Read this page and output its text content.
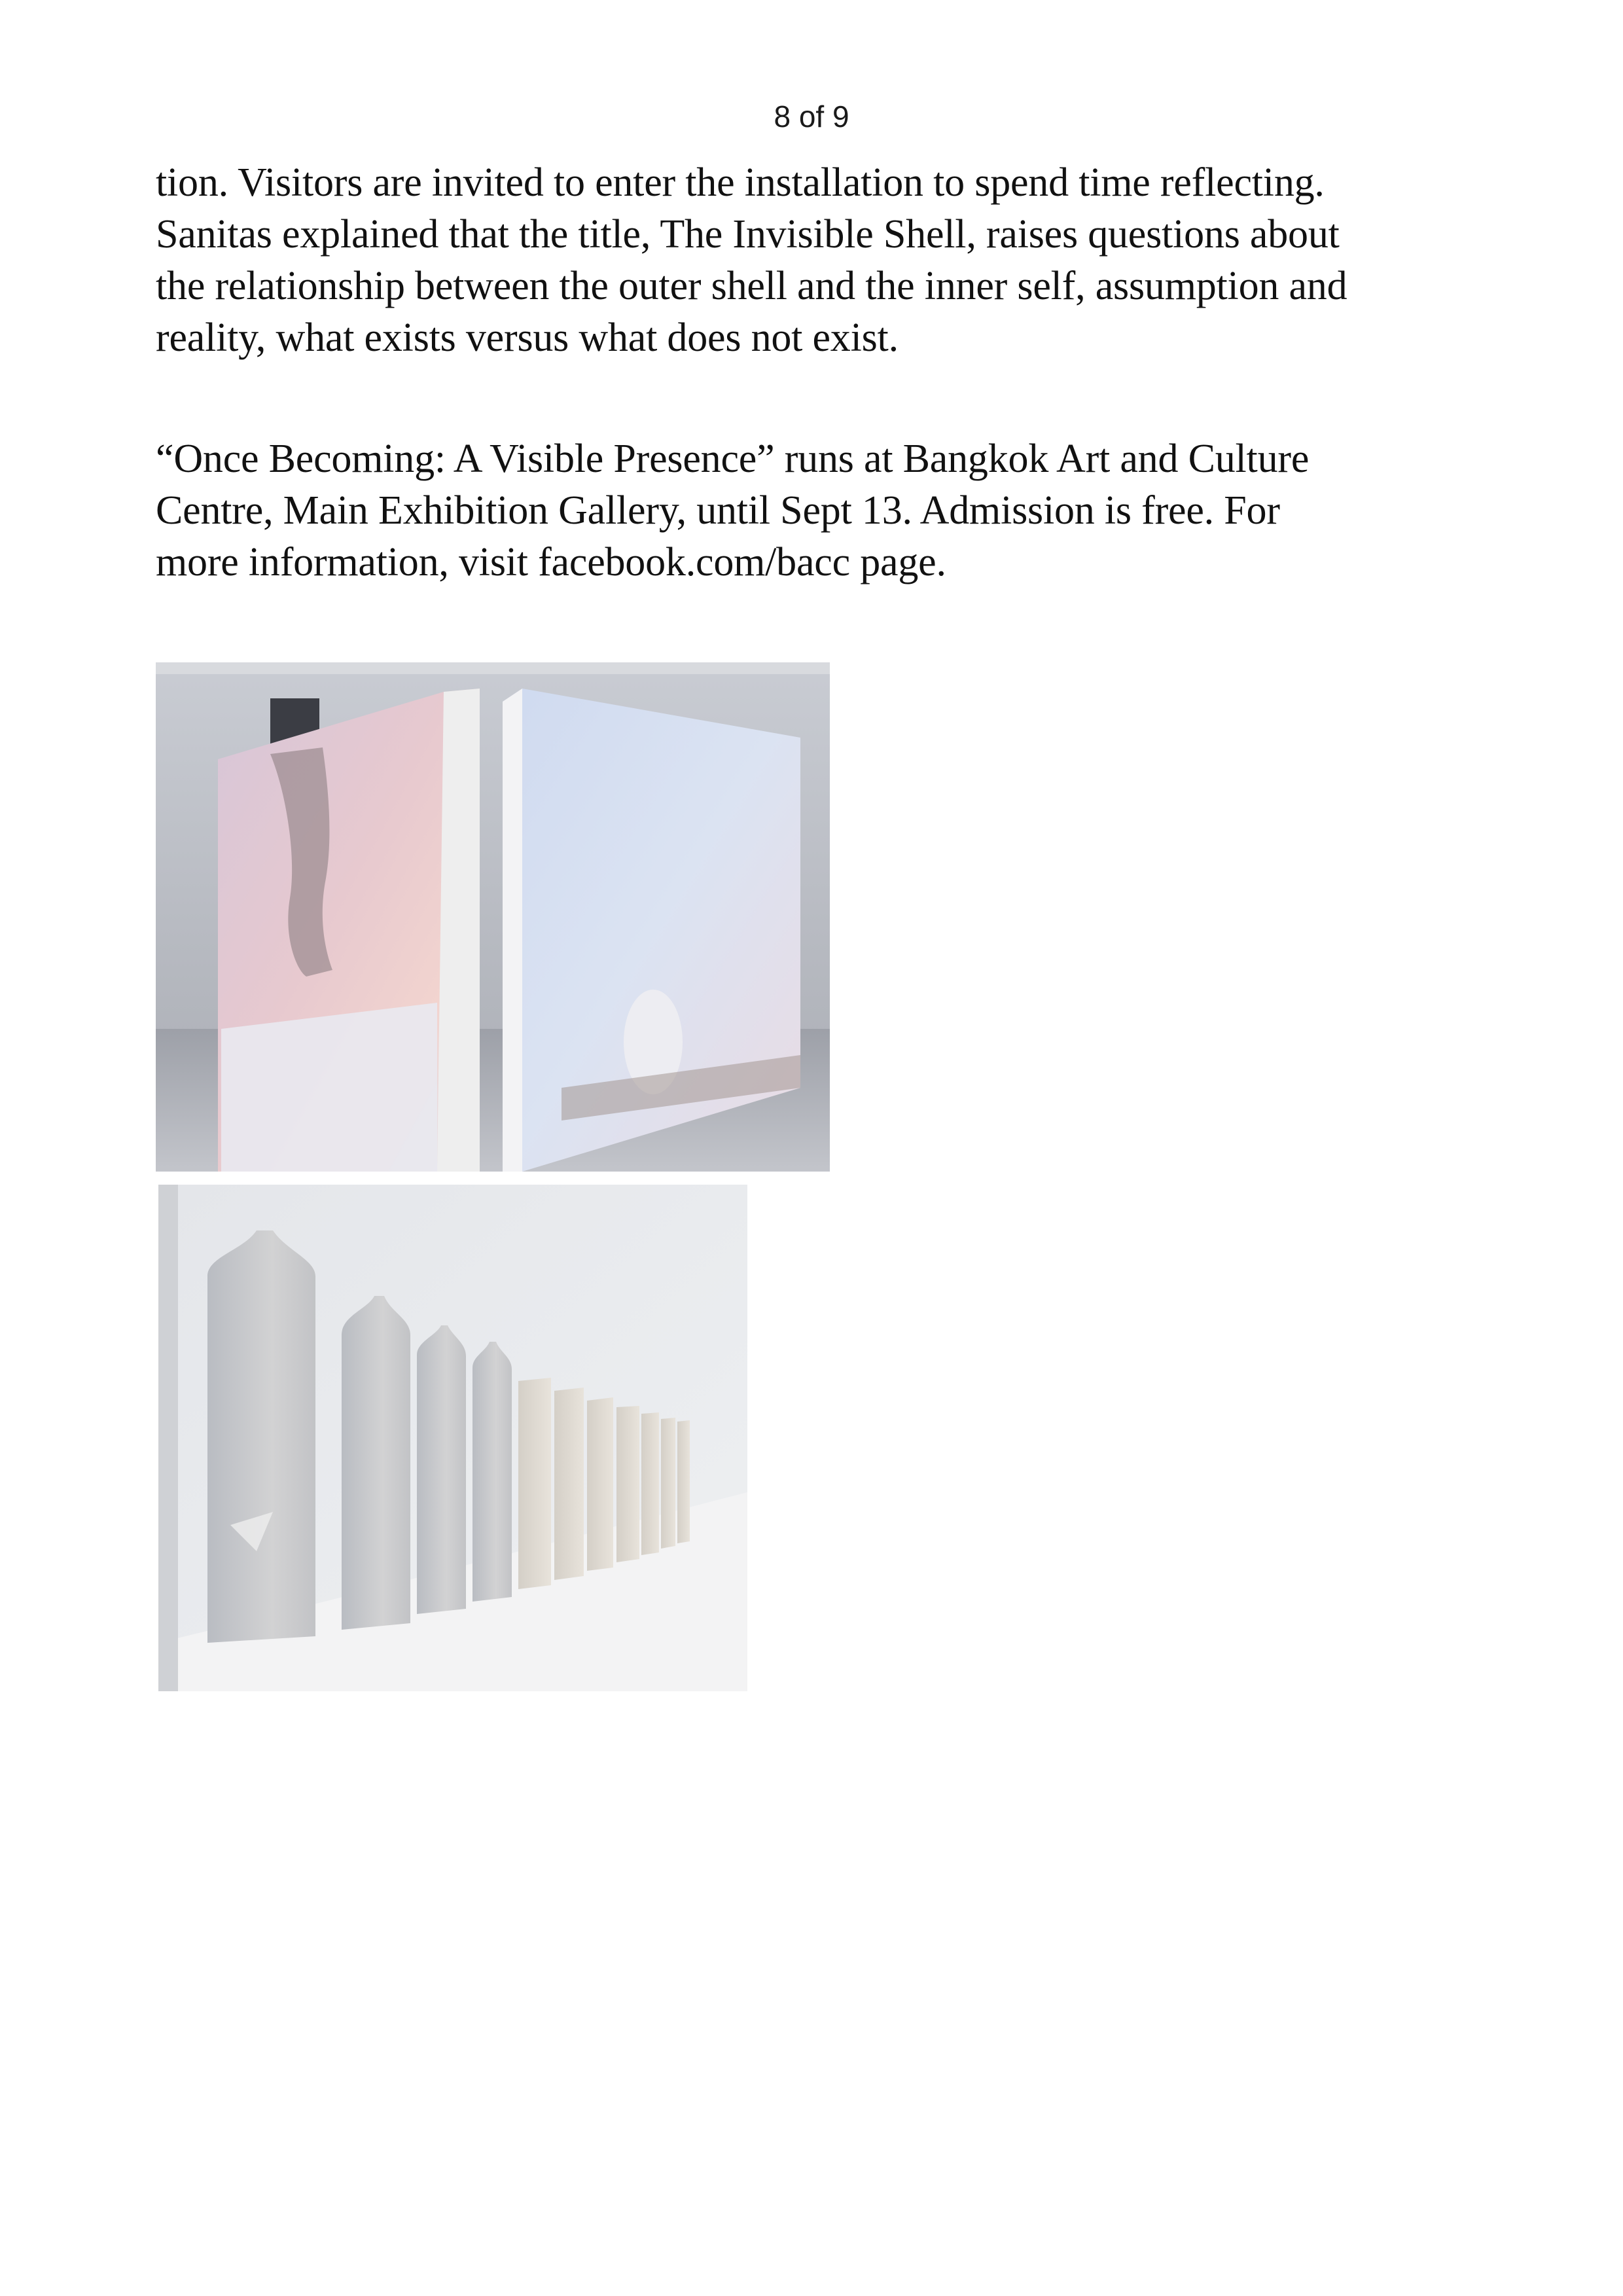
8 of 9

tion. Visitors are invited to enter the installation to spend time reflecting.
Sanitas explained that the title, The Invisible Shell, raises questions about
the relationship between the outer shell and the inner self, assumption and
reality, what exists versus what does not exist.

“Once Becoming: A Visible Presence” runs at Bangkok Art and Culture
Centre, Main Exhibition Gallery, until Sept 13. Admission is free. For
more information, visit facebook.com/bacc page.
